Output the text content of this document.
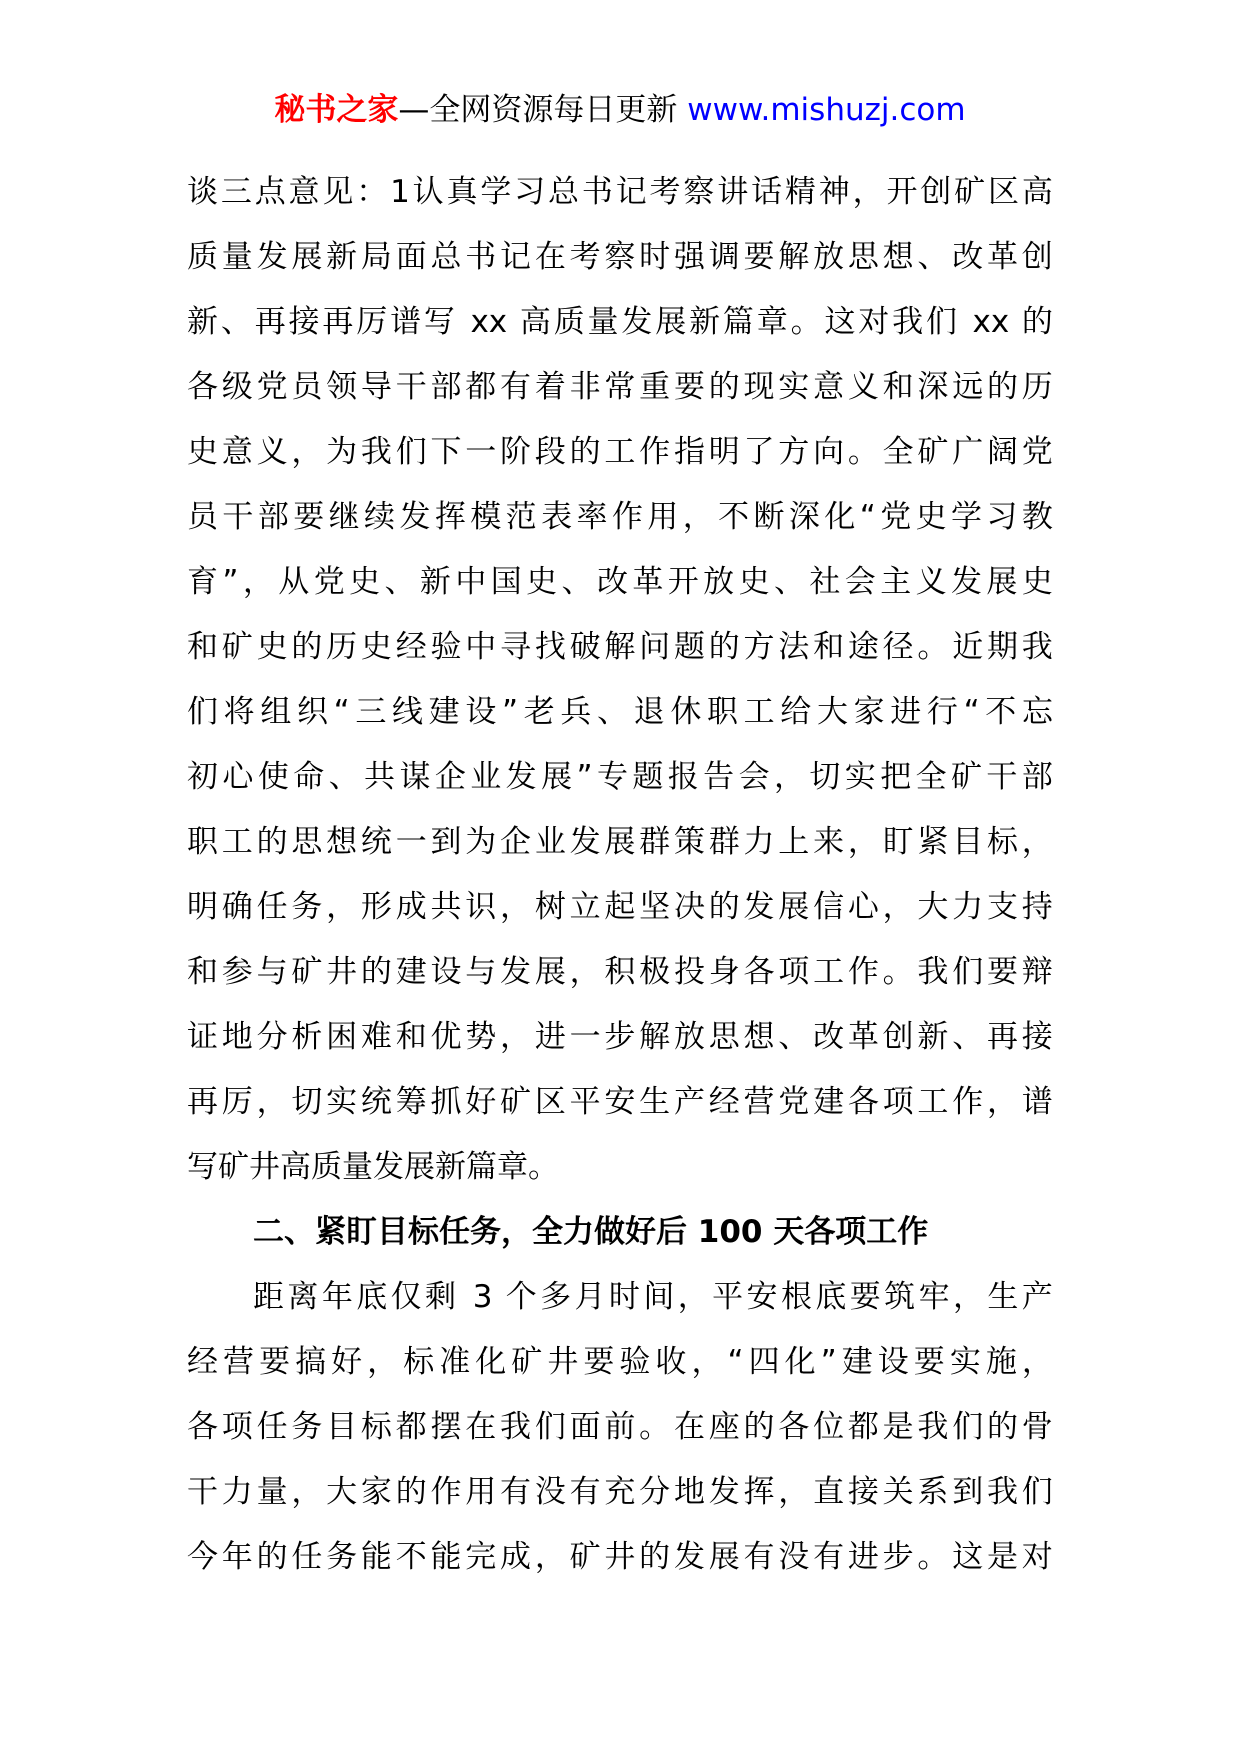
秘书之家—全网资源每日更新 www.mishuzj.com
谈 三 点 意 见 ： 1 认 真 学 习 总 书 记 考 察 讲 话 精 神 ， 开 创 矿 区 高
质 量 发 展 新 局 面 总 书 记 在 考 察 时 强 调 要 解 放 思 想 、 改 革 创
新 、 再 接 再 厉 谱 写
xx 高 质 量 发 展 新 篇 章 。 这 对 我 们
xx 的
各 级 党 员 领 导 干 部 都 有 着 非 常 重 要 的 现 实 意 义 和 深 远 的 历
史 意 义 ， 为 我 们 下 一 阶 段 的 工 作 指 明 了 方 向 。 全 矿 广 阔 党
员 干 部 要 继 续 发 挥 模 范 表 率 作 用 ， 不 断 深 化 “ 党 史 学 习 教
育 ” ， 从 党 史 、 新 中 国 史 、 改 革 开 放 史 、 社 会 主 义 发 展 史
和 矿 史 的 历 史 经 验 中 寻 找 破 解 问 题 的 方 法 和 途 径 。 近 期 我
们 将 组 织 “ 三 线 建 设 ” 老 兵 、 退 休 职 工 给 大 家 进 行 “ 不 忘
初 心 使 命 、 共 谋 企 业 发 展 ” 专 题 报 告 会 ， 切 实 把 全 矿 干 部
职 工 的 思 想 统 一 到 为 企 业 发 展 群 策 群 力 上 来 ， 盯 紧 目 标 ，
明 确 任 务 ， 形 成 共 识 ， 树 立 起 坚 决 的 发 展 信 心 ， 大 力 支 持
和 参 与 矿 井 的 建 设 与 发 展 ， 积 极 投 身 各 项 工 作 。 我 们 要 辩
证 地 分 析 困 难 和 优 势 ， 进 一 步 解 放 思 想 、 改 革 创 新 、 再 接
再 厉 ， 切 实 统 筹 抓 好 矿 区 平 安 生 产 经 营 党 建 各 项 工 作 ， 谱
写矿井高质量发展新篇章。
二、紧盯目标任务，全力做好后 100 天各项工作
距 离 年 底 仅 剩
3 个 多 月 时 间 ， 平 安 根 底 要 筑 牢 ， 生 产
经 营 要 搞 好 ， 标 准 化 矿 井 要 验 收 ， “ 四 化 ” 建 设 要 实 施 ，
各 项 任 务 目 标 都 摆 在 我 们 面 前 。 在 座 的 各 位 都 是 我 们 的 骨
干 力 量 ， 大 家 的 作 用 有 没 有 充 分 地 发 挥 ， 直 接 关 系 到 我 们
今 年 的 任 务 能 不 能 完 成 ， 矿 井 的 发 展 有 没 有 进 步 。 这 是 对
